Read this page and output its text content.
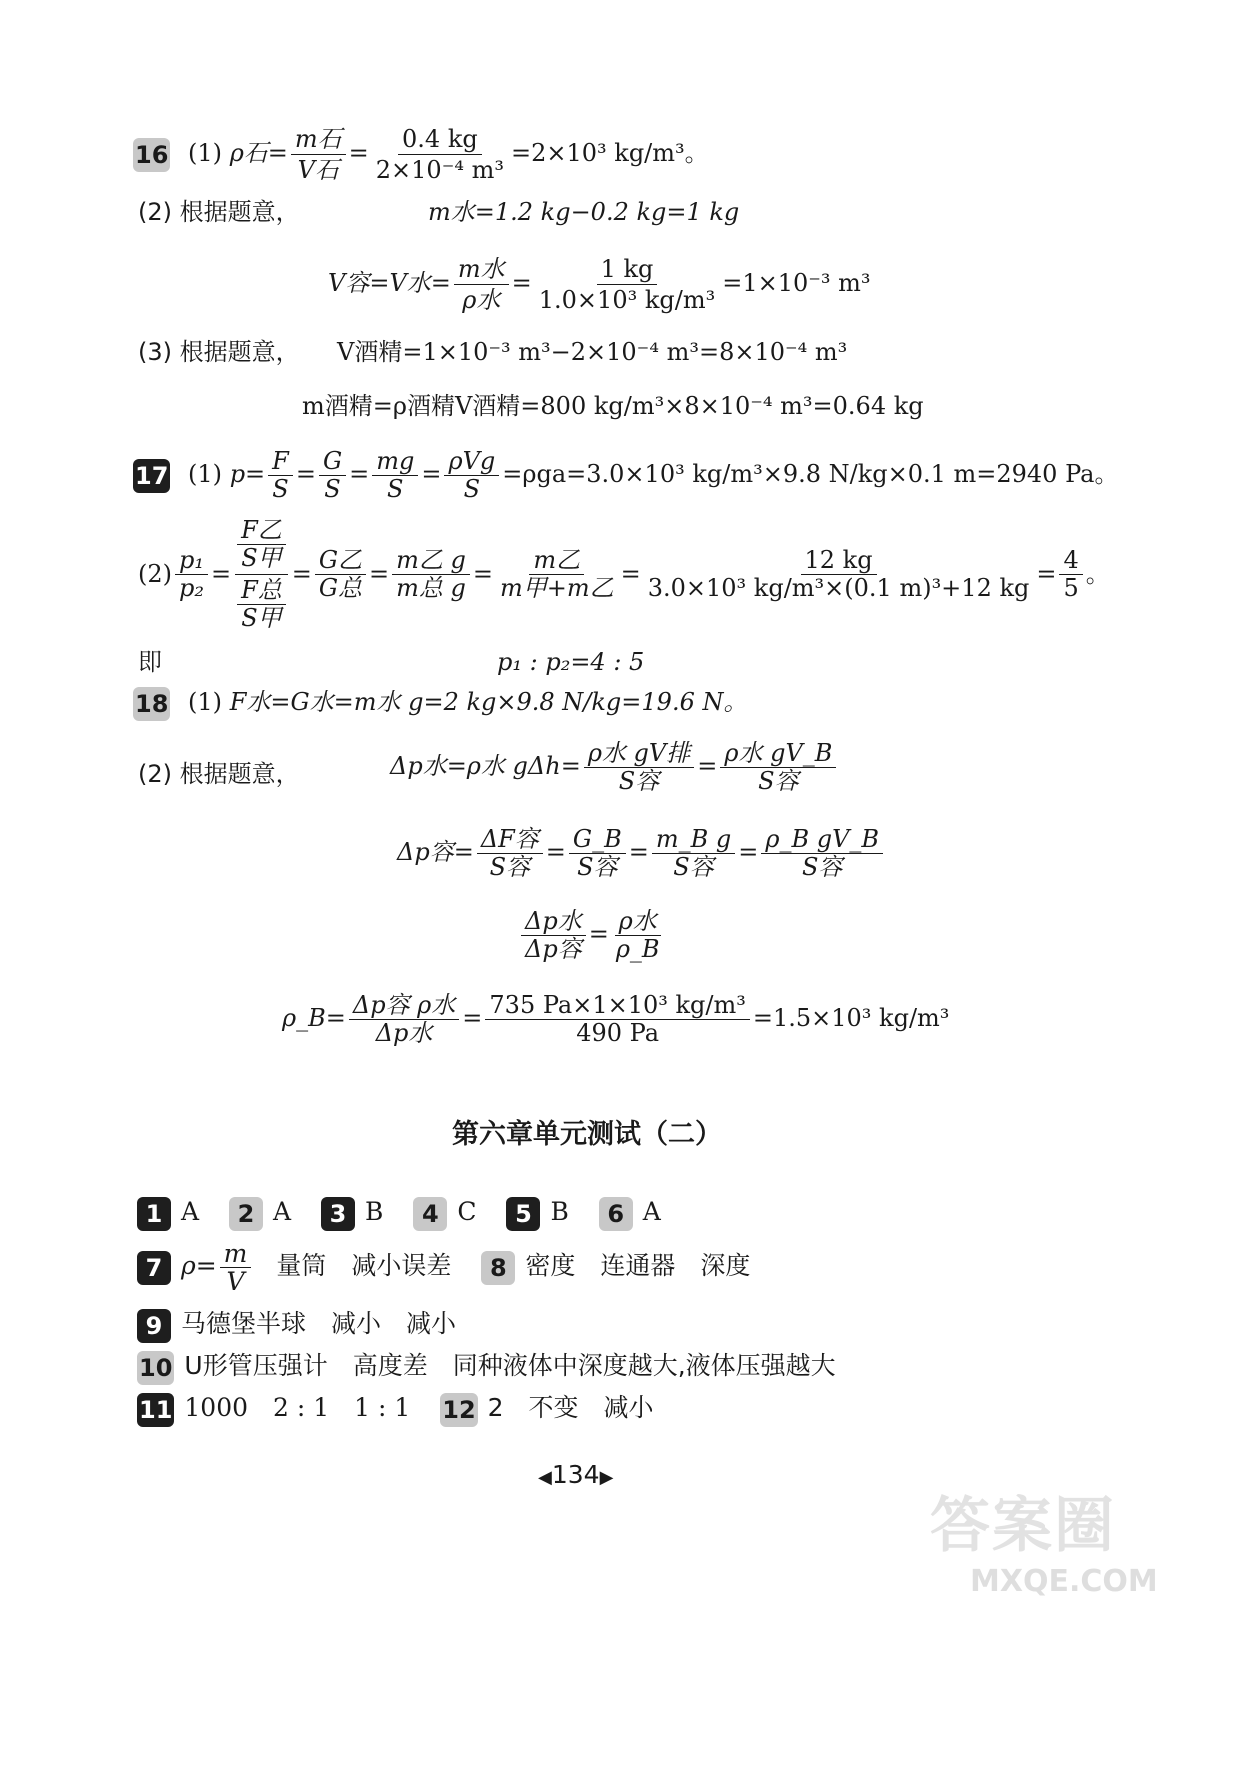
16 (1) ρ石= $\frac{\text{m石}}{\text{V石}} = \frac{0.4 kg}{\text{2×10⁻⁴ m³}} =2\times 10^3$ kg/m³。
(2) 根据题意，	m水=1.2 kg−0.2 kg=1 kg
V容=V水= $\frac{\text{m水}}{\text{ρ水}} = \frac{1 kg}{\text{1.0×10³ kg/m³}} =1\times 10^{-3}$ m³
(3) 根据题意， V酒精=1×10⁻³ m³−2×10⁻⁴ m³=8×10⁻⁴ m³
m酒精=ρ酒精V酒精=800 kg/m³×8×10⁻⁴ m³=0.64 kg
17 (1) $p= \frac{F}{S} = \frac{G}{S} = \frac{mg}{S} = \frac{\text{ρVg}}{S} =\rho ga=3.0\times 10^3$ kg/m³×9.8 N/kg×0.1 m=2940 Pa。
$(2) \frac{\text{p₁}}{\text{p₂}} = \frac{\frac{\text{F乙}}{\text{S甲}}}{\frac{\text{F总}}{\text{S甲}}} = \frac{\text{G乙}}{\text{G总}} = \frac{\text{m乙 g}}{\text{m总 g}} = \frac{\text{m乙}}{\text{m甲+m乙}} = \frac{12 kg}{\text{3.0×10³ kg/m³×(0.1 m)³+12 kg}} = \frac{4}{5}$ 。
即	p₁ : p₂=4 : 5
18 (1) F水=G水=m水 g=2 kg×9.8 N/kg=19.6 N。
(2) 根据题意，	Δp水=ρ水 $g\Delta h= \frac{\text{ρ水 gV排}}{\text{S容}} = \frac{\text{ρ水 gV\_B}}{\text{S容}}$
Δp容= $\frac{\text{ΔF容}}{\text{S容}} = \frac{G\_B}{\text{S容}} = \frac{\text{m\_B g}}{\text{S容}} = \frac{\text{ρ\_B gV\_B}}{\text{S容}}$
$\frac{\text{Δp水}}{\text{Δp容}} = \frac{\text{ρ水}}{\rho\_B}$
ρ_B= $\frac{\text{Δp容 ρ水}}{\text{Δp水}} = \frac{\text{735 Pa×1×10³ kg/m³}}{490 Pa} =1.5\times 10^3$ kg/m³
第六章单元测试（二）
1 A 2 A 3 B 4 C 5 B 6 A
7 $\rho= \frac{m}{V}$ 量筒　减小误差 8 密度　连通器　深度
9 马德堡半球　减小　减小
10 U形管压强计　高度差　同种液体中深度越大,液体压强越大
11 1000　2 : 1　1 : 1 12 2　不变　减小
◀134▶
答案圈
MXQE.COM
